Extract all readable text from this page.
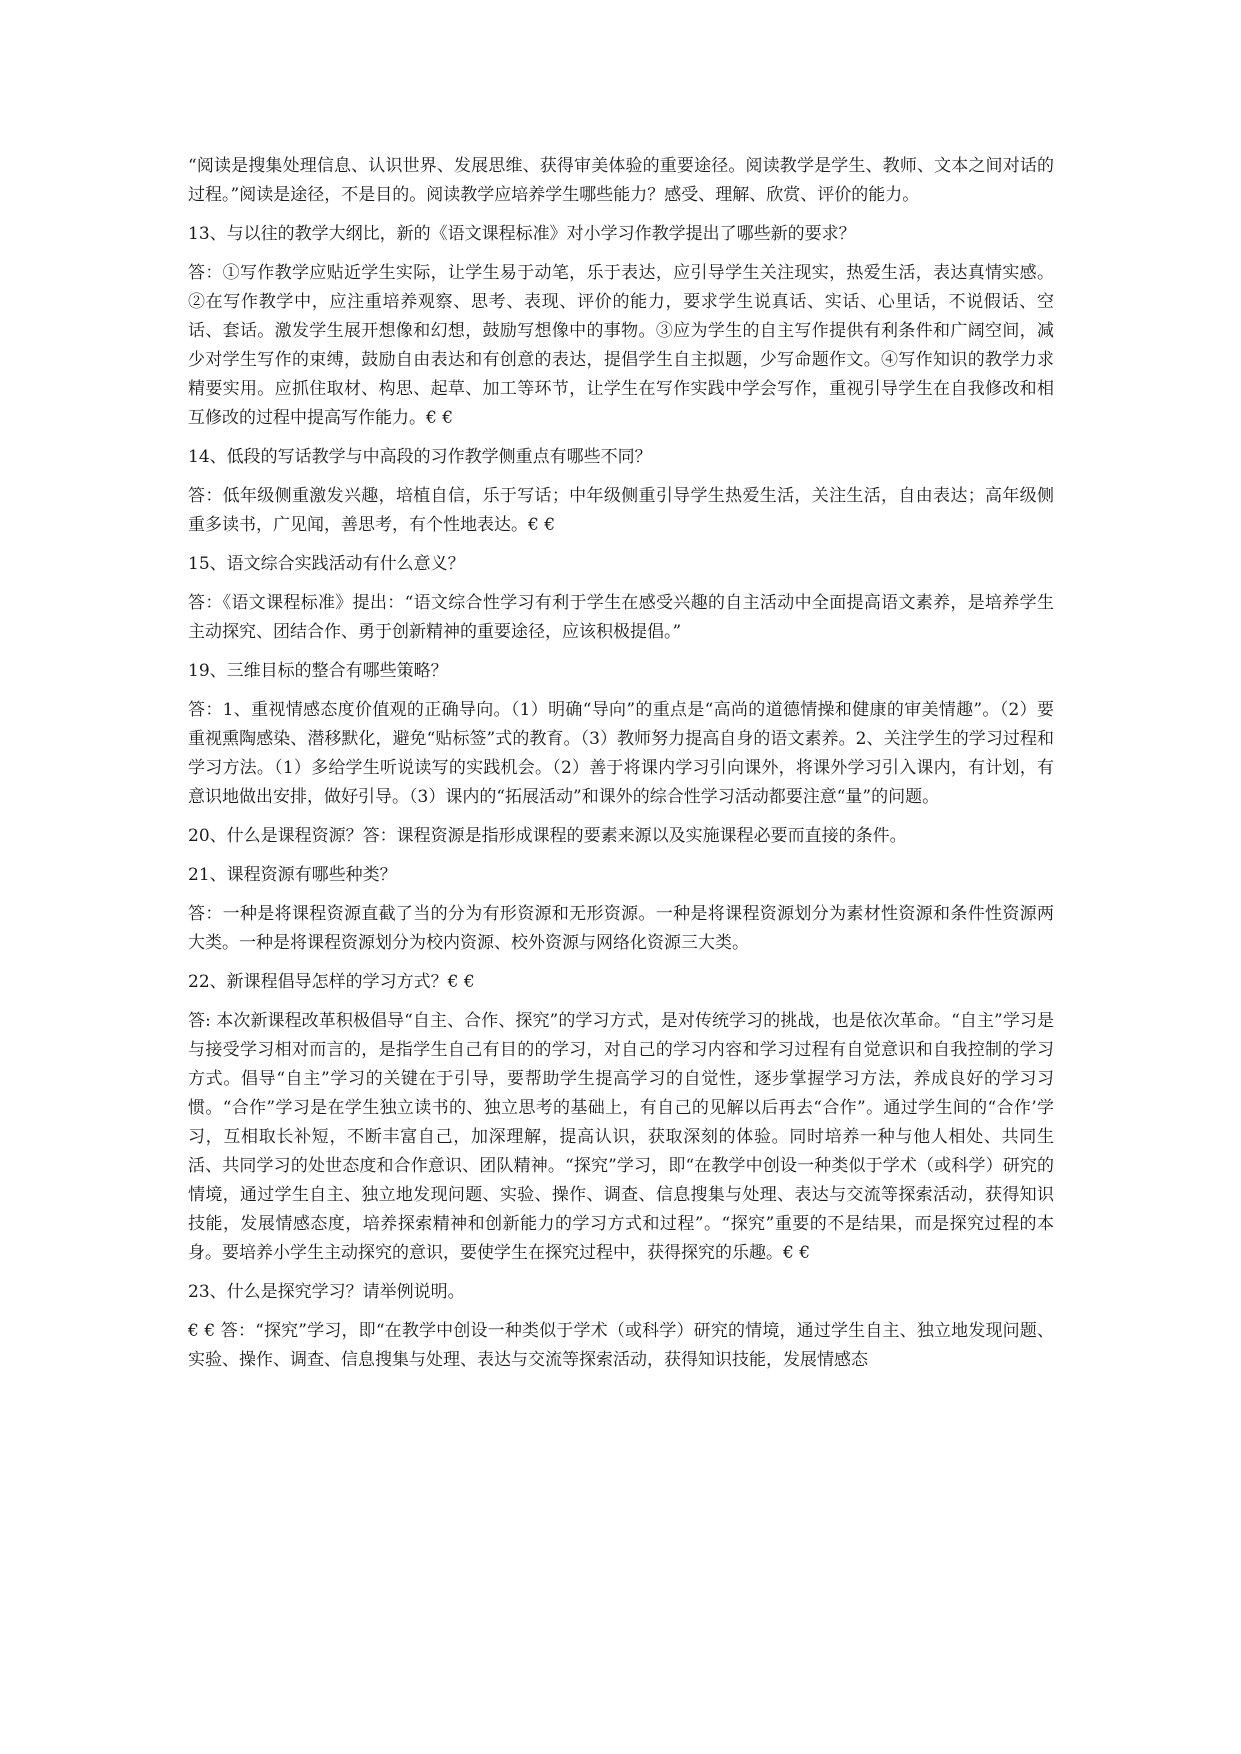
“阅读是搜集处理信息、认识世界、发展思维、获得审美体验的重要途径。阅读教学是学生、教师、文本之间对话的过程。”阅读是途径，不是目的。阅读教学应培养学生哪些能力？感受、理解、欣赏、评价的能力。

13、与以往的教学大纲比，新的《语文课程标准》对小学习作教学提出了哪些新的要求？

答：①写作教学应贴近学生实际，让学生易于动笔，乐于表达，应引导学生关注现实，热爱生活，表达真情实感。②在写作教学中，应注重培养观察、思考、表现、评价的能力，要求学生说真话、实话、心里话，不说假话、空话、套话。激发学生展开想像和幻想，鼓励写想像中的事物。③应为学生的自主写作提供有利条件和广阔空间，减少对学生写作的束缚，鼓励自由表达和有创意的表达，提倡学生自主拟题，少写命题作文。④写作知识的教学力求精要实用。应抓住取材、构思、起草、加工等环节，让学生在写作实践中学会写作，重视引导学生在自我修改和相互修改的过程中提高写作能力。€ €

14、低段的写话教学与中高段的习作教学侧重点有哪些不同？

答：低年级侧重激发兴趣，培植自信，乐于写话；中年级侧重引导学生热爱生活，关注生活，自由表达；高年级侧重多读书，广见闻，善思考，有个性地表达。€ €

15、语文综合实践活动有什么意义？

答：《语文课程标准》提出：“语文综合性学习有利于学生在感受兴趣的自主活动中全面提高语文素养，是培养学生主动探究、团结合作、勇于创新精神的重要途径，应该积极提倡。”

19、三维目标的整合有哪些策略？

答：1、重视情感态度价值观的正确导向。（1）明确“导向”的重点是“高尚的道德情操和健康的审美情趣”。（2）要重视熏陶感染、潜移默化，避免“贴标签”式的教育。（3）教师努力提高自身的语文素养。2、关注学生的学习过程和学习方法。（1）多给学生听说读写的实践机会。（2）善于将课内学习引向课外，将课外学习引入课内，有计划，有意识地做出安排，做好引导。（3）课内的“拓展活动”和课外的综合性学习活动都要注意“量”的问题。

20、什么是课程资源？答：课程资源是指形成课程的要素来源以及实施课程必要而直接的条件。

21、课程资源有哪些种类？

答：一种是将课程资源直截了当的分为有形资源和无形资源。一种是将课程资源划分为素材性资源和条件性资源两大类。一种是将课程资源划分为校内资源、校外资源与网络化资源三大类。

22、新课程倡导怎样的学习方式？€ €

答: 本次新课程改革积极倡导“自主、合作、探究”的学习方式，是对传统学习的挑战，也是依次革命。“自主”学习是与接受学习相对而言的，是指学生自己有目的的学习，对自己的学习内容和学习过程有自觉意识和自我控制的学习方式。倡导“自主”学习的关键在于引导，要帮助学生提高学习的自觉性，逐步掌握学习方法，养成良好的学习习惯。“合作”学习是在学生独立读书的、独立思考的基础上，有自己的见解以后再去“合作”。通过学生间的“合作’学习，互相取长补短，不断丰富自己，加深理解，提高认识，获取深刻的体验。同时培养一种与他人相处、共同生活、共同学习的处世态度和合作意识、团队精神。“探究”学习，即“在教学中创设一种类似于学术（或科学）研究的情境，通过学生自主、独立地发现问题、实验、操作、调查、信息搜集与处理、表达与交流等探索活动，获得知识技能，发展情感态度，培养探索精神和创新能力的学习方式和过程”。“探究”重要的不是结果，而是探究过程的本身。要培养小学生主动探究的意识，要使学生在探究过程中，获得探究的乐趣。€ €

23、什么是探究学习？请举例说明。

€ € 答：“探究”学习，即“在教学中创设一种类似于学术（或科学）研究的情境，通过学生自主、独立地发现问题、实验、操作、调查、信息搜集与处理、表达与交流等探索活动，获得知识技能，发展情感态
